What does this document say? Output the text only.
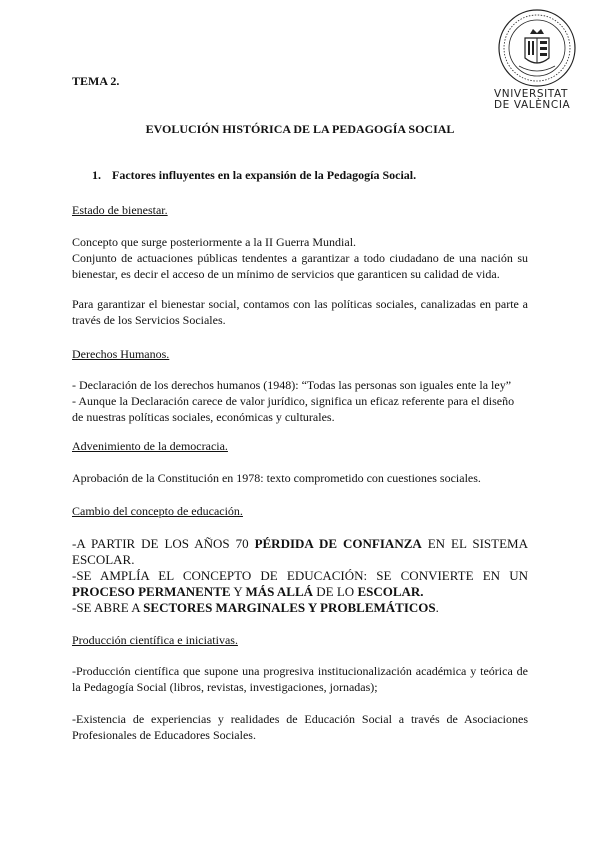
VNIVERSITAT
DE VALÈNCIA
TEMA 2.
EVOLUCIÓN HISTÓRICA DE LA PEDAGOGÍA SOCIAL
1. Factores influyentes en la expansión de la Pedagogía Social.
Estado de bienestar.

Concepto que surge posteriormente a la II Guerra Mundial.

Conjunto de actuaciones públicas tendentes a garantizar a todo ciudadano de una nación su bienestar, es decir el acceso de un mínimo de servicios que garanticen su calidad de vida.

Para garantizar el bienestar social, contamos con las políticas sociales, canalizadas en parte a través de los Servicios Sociales.
Derechos Humanos.

- Declaración de los derechos humanos (1948): “Todas las personas son iguales ente la ley”

- Aunque la Declaración carece de valor jurídico, significa un eficaz referente para el diseño de nuestras políticas sociales, económicas y culturales.

Advenimiento de la democracia.
Aprobación de la Constitución en 1978: texto comprometido con cuestiones sociales.
Cambio del concepto de educación.

-A PARTIR DE LOS AÑOS 70 PÉRDIDA DE CONFIANZA EN EL SISTEMA ESCOLAR.

-SE AMPLÍA EL CONCEPTO DE EDUCACIÓN: SE CONVIERTE EN UN PROCESO PERMANENTE Y MÁS ALLÁ DE LO ESCOLAR.

-SE ABRE A SECTORES MARGINALES Y PROBLEMÁTICOS.

Producción científica e iniciativas.
-Producción científica que supone una progresiva institucionalización académica y teórica de la Pedagogía Social (libros, revistas, investigaciones, jornadas);
-Existencia de experiencias y realidades de Educación Social a través de Asociaciones Profesionales de Educadores Sociales.
